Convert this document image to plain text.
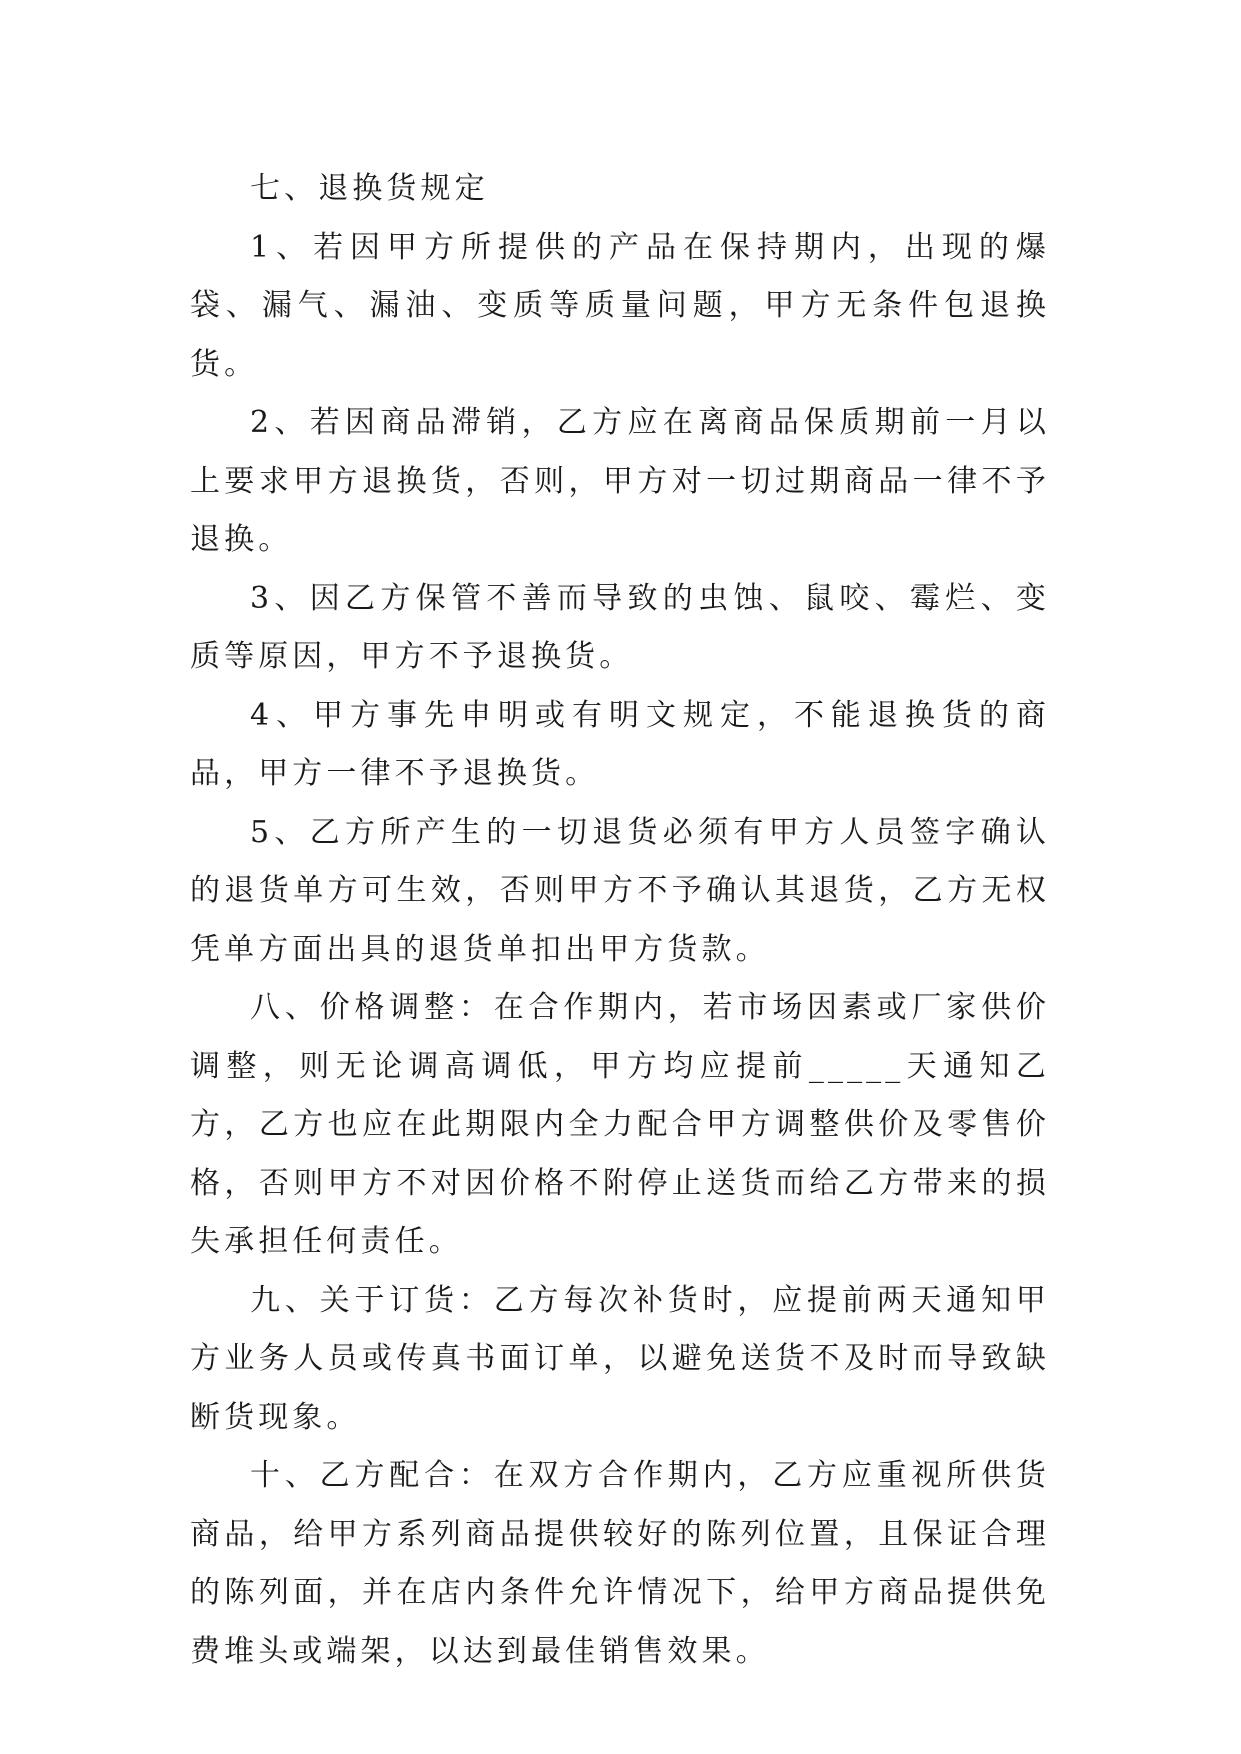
七、退换货规定

1、若因甲方所提供的产品在保持期内，出现的爆袋、漏气、漏油、变质等质量问题，甲方无条件包退换货。

2、若因商品滞销，乙方应在离商品保质期前一月以上要求甲方退换货，否则，甲方对一切过期商品一律不予退换。

3、因乙方保管不善而导致的虫蚀、鼠咬、霉烂、变质等原因，甲方不予退换货。

4、甲方事先申明或有明文规定，不能退换货的商品，甲方一律不予退换货。

5、乙方所产生的一切退货必须有甲方人员签字确认的退货单方可生效，否则甲方不予确认其退货，乙方无权凭单方面出具的退货单扣出甲方货款。

八、价格调整：在合作期内，若市场因素或厂家供价调整，则无论调高调低，甲方均应提前_____天通知乙方，乙方也应在此期限内全力配合甲方调整供价及零售价格，否则甲方不对因价格不附停止送货而给乙方带来的损失承担任何责任。

九、关于订货：乙方每次补货时，应提前两天通知甲方业务人员或传真书面订单，以避免送货不及时而导致缺断货现象。

十、乙方配合：在双方合作期内，乙方应重视所供货商品，给甲方系列商品提供较好的陈列位置，且保证合理的陈列面，并在店内条件允许情况下，给甲方商品提供免费堆头或端架，以达到最佳销售效果。
